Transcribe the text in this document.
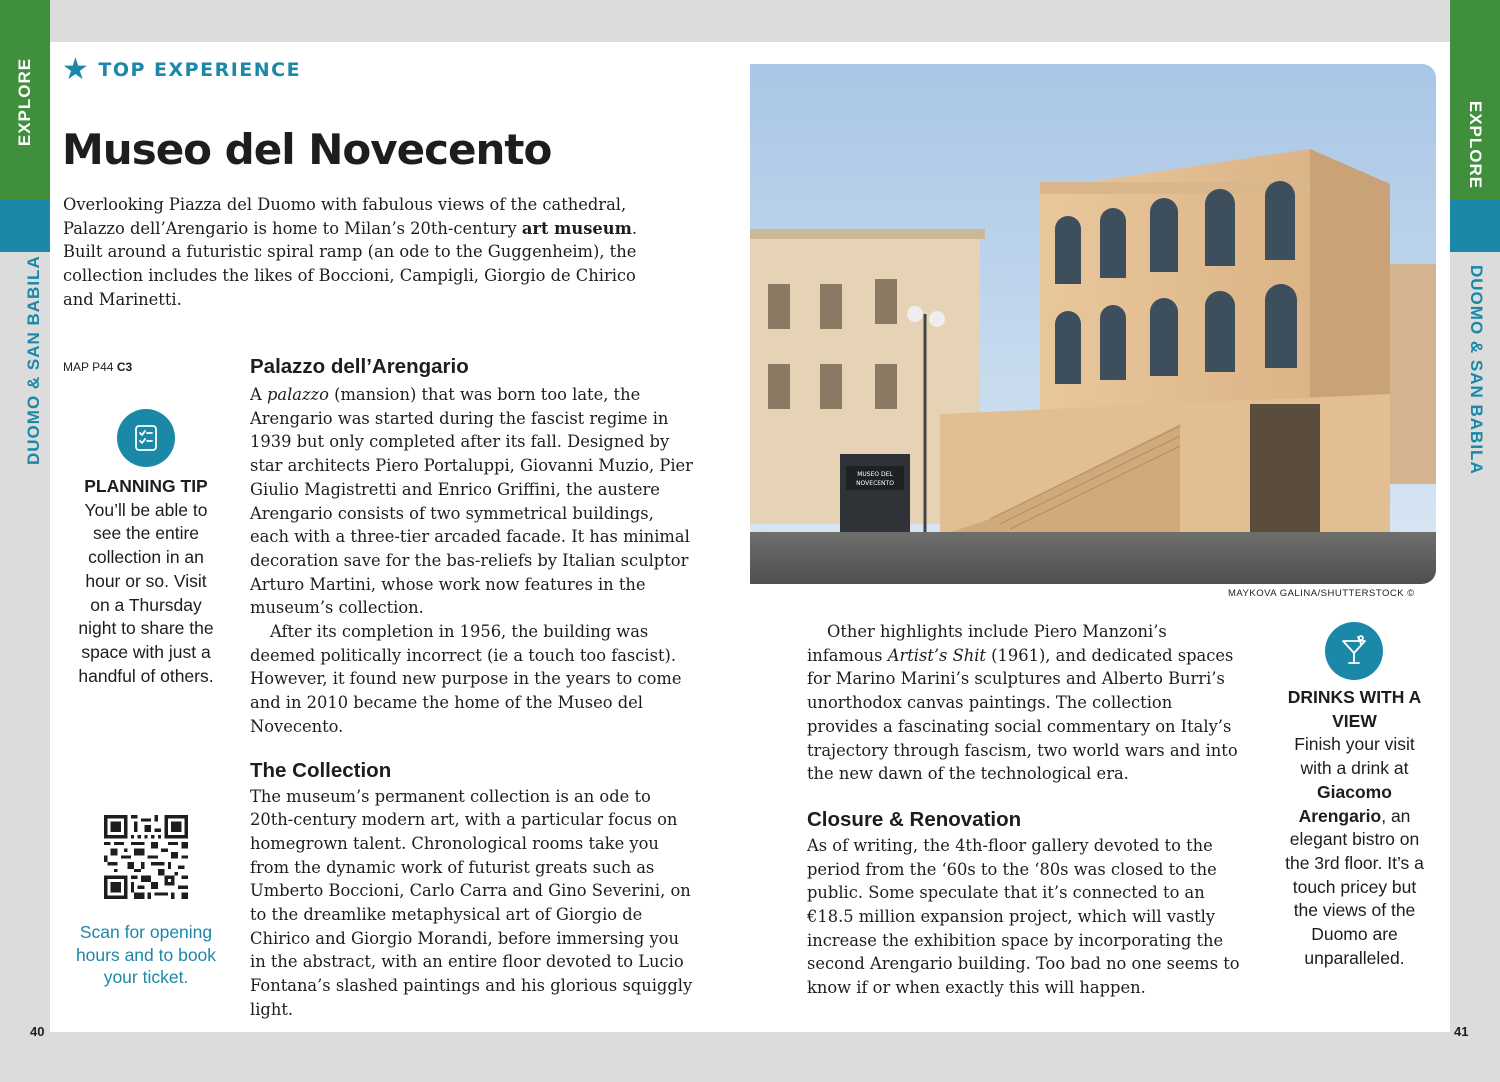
EXPLORE
DUOMO & SAN BABILA
EXPLORE
DUOMO & SAN BABILA
★ TOP EXPERIENCE
Museo del Novecento

Overlooking Piazza del Duomo with fabulous views of the cathedral, Palazzo dell’Arengario is home to Milan’s 20th-century art museum. Built around a futuristic spiral ramp (an ode to the Guggenheim), the collection includes the likes of Boccioni, Campigli, Giorgio de Chirico and Marinetti.

MAP P44 C3
PLANNING TIP
You’ll be able to see the entire collection in an hour or so. Visit on a Thursday night to share the space with just a handful of others.
Scan for opening hours and to book your ticket.
Palazzo dell’Arengario

A palazzo (mansion) that was born too late, the Arengario was started during the fascist regime in 1939 but only completed after its fall. Designed by star architects Piero Portaluppi, Giovanni Muzio, Pier Giulio Magistretti and Enrico Griffini, the austere Arengario consists of two symmetrical buildings, each with a three-tier arcaded facade. It has minimal decoration save for the bas-reliefs by Italian sculptor Arturo Martini, whose work now features in the museum’s collection.

After its completion in 1956, the building was deemed politically incorrect (ie a touch too fascist). However, it found new purpose in the years to come and in 2010 became the home of the Museo del Novecento.

The Collection

The museum’s permanent collection is an ode to 20th-century modern art, with a particular focus on homegrown talent. Chronological rooms take you from the dynamic work of futurist greats such as Umberto Boccioni, Carlo Carra and Gino Severini, on to the dreamlike metaphysical art of Giorgio de Chirico and Giorgio Morandi, before immersing you in the abstract, with an entire floor devoted to Lucio Fontana’s slashed paintings and his glorious squiggly light.

MUSEO DEL
NOVECENTO
MAYKOVA GALINA/SHUTTERSTOCK ©

Other highlights include Piero Manzoni’s infamous Artist’s Shit (1961), and dedicated spaces for Marino Marini’s sculptures and Alberto Burri’s unorthodox canvas paintings. The collection provides a fascinating social commentary on Italy’s trajectory through fascism, two world wars and into the new dawn of the technological era.

Closure & Renovation

As of writing, the 4th-floor gallery devoted to the period from the ‘60s to the ‘80s was closed to the public. Some speculate that it’s connected to an €18.5 million expansion project, which will vastly increase the exhibition space by incorporating the second Arengario building. Too bad no one seems to know if or when exactly this will happen.

DRINKS WITH A VIEW
Finish your visit with a drink at Giacomo Arengario, an elegant bistro on the 3rd floor. It’s a touch pricey but the views of the Duomo are unparalleled.
40	41
